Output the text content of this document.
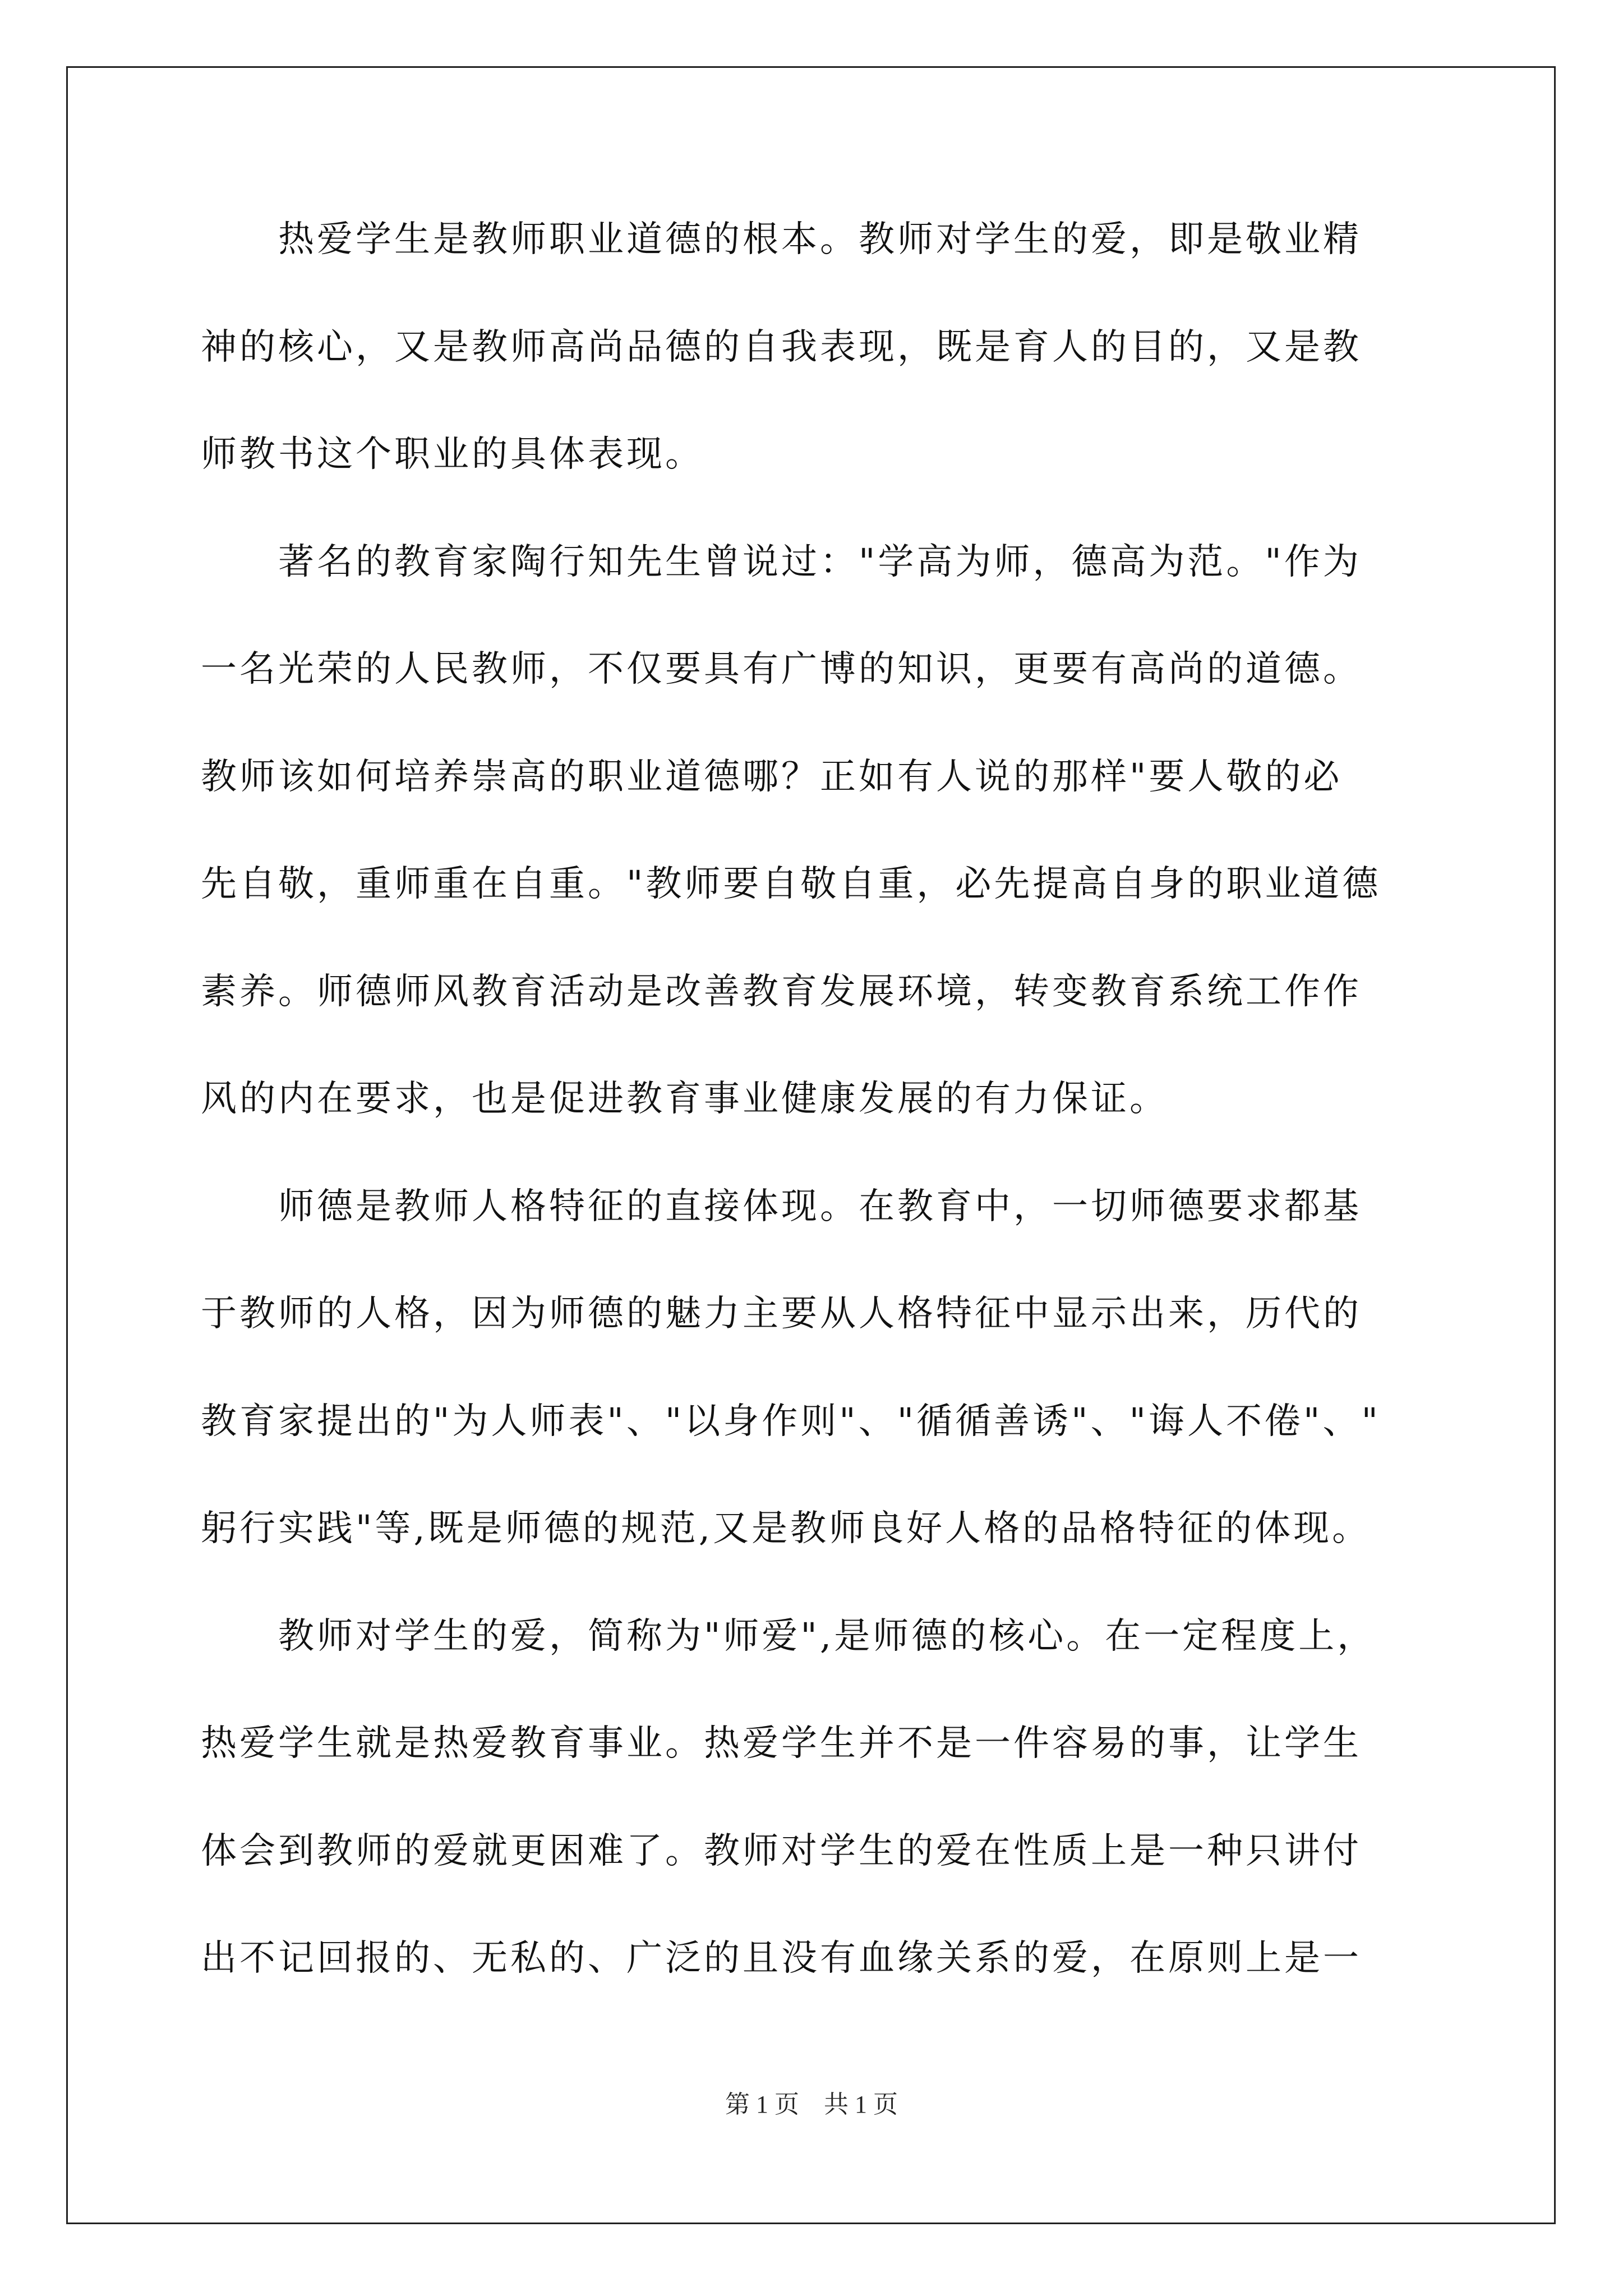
　　热爱学生是教师职业道德的根本。教师对学生的爱，即是敬业精
神的核心，又是教师高尚品德的自我表现，既是育人的目的，又是教
师教书这个职业的具体表现。
　　著名的教育家陶行知先生曾说过："学高为师，德高为范。"作为
一名光荣的人民教师，不仅要具有广博的知识，更要有高尚的道德。
教师该如何培养崇高的职业道德哪？正如有人说的那样"要人敬的必
先自敬，重师重在自重。"教师要自敬自重，必先提高自身的职业道德
素养。师德师风教育活动是改善教育发展环境，转变教育系统工作作
风的内在要求，也是促进教育事业健康发展的有力保证。
　　师德是教师人格特征的直接体现。在教育中，一切师德要求都基
于教师的人格，因为师德的魅力主要从人格特征中显示出来，历代的
教育家提出的"为人师表"、"以身作则"、"循循善诱"、"诲人不倦"、"
躬行实践"等,既是师德的规范,又是教师良好人格的品格特征的体现。
　　教师对学生的爱，简称为"师爱",是师德的核心。在一定程度上，
热爱学生就是热爱教育事业。热爱学生并不是一件容易的事，让学生
体会到教师的爱就更困难了。教师对学生的爱在性质上是一种只讲付
出不记回报的、无私的、广泛的且没有血缘关系的爱，在原则上是一
第 1 页    共 1 页
